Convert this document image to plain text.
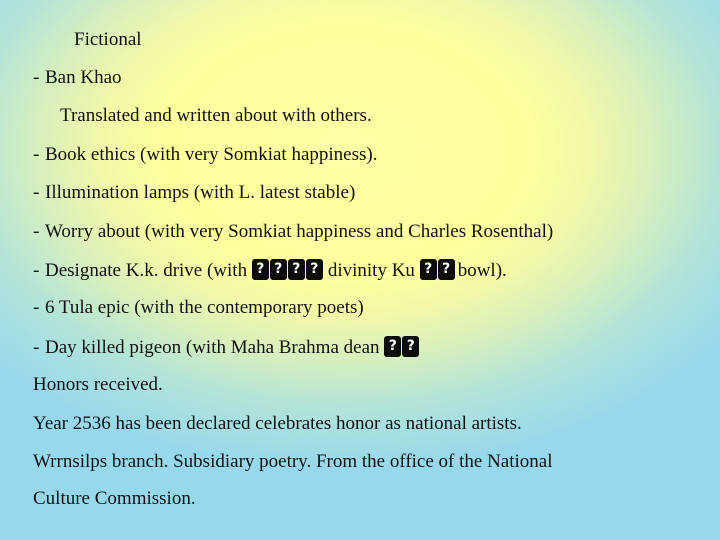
Fictional
- Ban Khao
Translated and written about with others.
- Book ethics (with very Somkiat happiness).
- Illumination lamps (with L. latest stable)
- Worry about (with very Somkiat happiness and Charles Rosenthal)
- Designate K.k. drive (with ? ? ? ?	divinity Ku ? ? bowl).
- 6 Tula epic (with the contemporary poets)
- Day killed pigeon (with Maha Brahma dean ??
Honors received.
Year 2536 has been declared celebrates honor as national artists.
Wrrnsilps branch. Subsidiary poetry. From the office of the National
Culture Commission.
